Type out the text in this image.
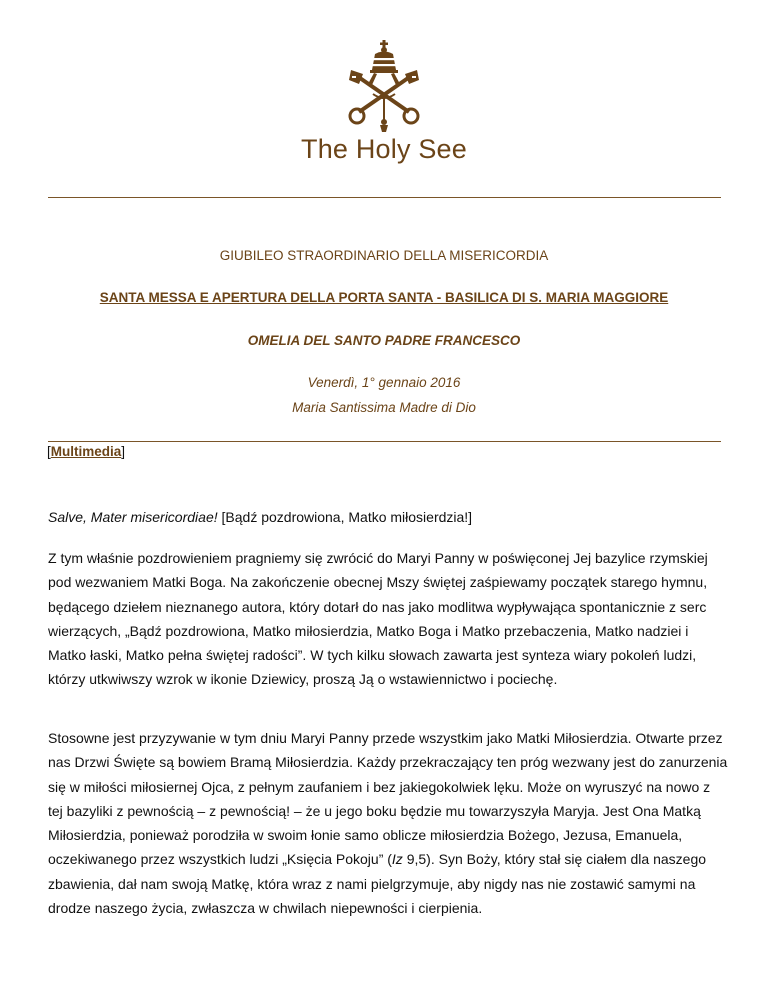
The Holy See
GIUBILEO STRAORDINARIO DELLA MISERICORDIA
SANTA MESSA E APERTURA DELLA PORTA SANTA - BASILICA DI S. MARIA MAGGIORE
OMELIA DEL SANTO PADRE FRANCESCO
Venerdì, 1° gennaio 2016
Maria Santissima Madre di Dio
[Multimedia]
Salve, Mater misericordiae! [Bądź pozdrowiona, Matko miłosierdzia!]
Z tym właśnie pozdrowieniem pragniemy się zwrócić do Maryi Panny w poświęconej Jej bazylice rzymskiej pod wezwaniem Matki Boga. Na zakończenie obecnej Mszy świętej zaśpiewamy początek starego hymnu, będącego dziełem nieznanego autora, który dotarł do nas jako modlitwa wypływająca spontanicznie z serc wierzących, „Bądź pozdrowiona, Matko miłosierdzia, Matko Boga i Matko przebaczenia, Matko nadziei i Matko łaski, Matko pełna świętej radości”. W tych kilku słowach zawarta jest synteza wiary pokoleń ludzi, którzy utkwiwszy wzrok w ikonie Dziewicy, proszą Ją o wstawiennictwo i pociechę.
Stosowne jest przyzywanie w tym dniu Maryi Panny przede wszystkim jako Matki Miłosierdzia. Otwarte przez nas Drzwi Święte są bowiem Bramą Miłosierdzia. Każdy przekraczający ten próg wezwany jest do zanurzenia się w miłości miłosiernej Ojca, z pełnym zaufaniem i bez jakiegokolwiek lęku. Może on wyruszyć na nowo z tej bazyliki z pewnością – z pewnością! – że u jego boku będzie mu towarzyszyła Maryja. Jest Ona Matką Miłosierdzia, ponieważ porodziła w swoim łonie samo oblicze miłosierdzia Bożego, Jezusa, Emanuela, oczekiwanego przez wszystkich ludzi „Księcia Pokoju” (Iz 9,5). Syn Boży, który stał się ciałem dla naszego zbawienia, dał nam swoją Matkę, która wraz z nami pielgrzymuje, aby nigdy nas nie zostawić samymi na drodze naszego życia, zwłaszcza w chwilach niepewności i cierpienia.
